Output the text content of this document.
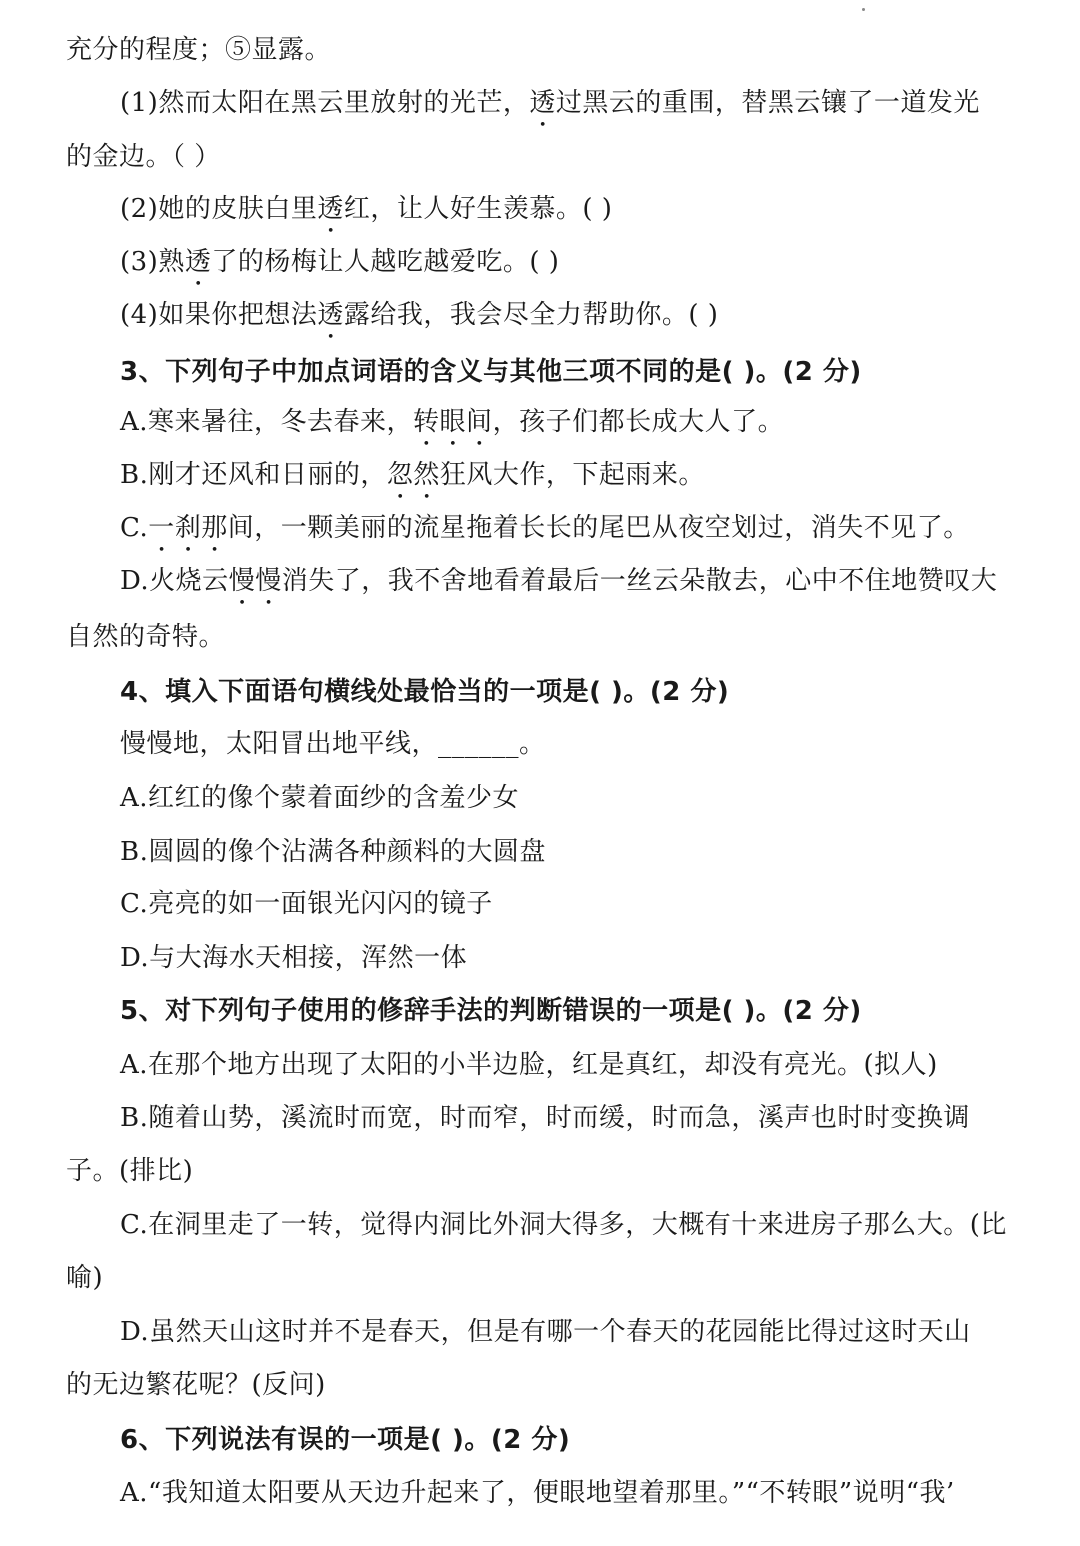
充分的程度；⑤显露。
(1)然而太阳在黑云里放射的光芒，透过黑云的重围，替黑云镶了一道发光
的金边。（ ）
(2)她的皮肤白里透红，让人好生羡慕。( )
(3)熟透了的杨梅让人越吃越爱吃。( )
(4)如果你把想法透露给我，我会尽全力帮助你。( )
3、下列句子中加点词语的含义与其他三项不同的是( )。(2 分)
A.寒来暑往，冬去春来，转眼间，孩子们都长成大人了。
B.刚才还风和日丽的，忽然狂风大作，下起雨来。
C.一刹那间，一颗美丽的流星拖着长长的尾巴从夜空划过，消失不见了。
D.火烧云慢慢消失了，我不舍地看着最后一丝云朵散去，心中不住地赞叹大
自然的奇特。
4、填入下面语句横线处最恰当的一项是( )。(2 分)
慢慢地，太阳冒出地平线，______。
A.红红的像个蒙着面纱的含羞少女
B.圆圆的像个沾满各种颜料的大圆盘
C.亮亮的如一面银光闪闪的镜子
D.与大海水天相接，浑然一体
5、对下列句子使用的修辞手法的判断错误的一项是( )。(2 分)
A.在那个地方出现了太阳的小半边脸，红是真红，却没有亮光。(拟人)
B.随着山势，溪流时而宽，时而窄，时而缓，时而急，溪声也时时变换调
子。(排比)
C.在洞里走了一转，觉得内洞比外洞大得多，大概有十来进房子那么大。(比
喻)
D.虽然天山这时并不是春天，但是有哪一个春天的花园能比得过这时天山
的无边繁花呢？(反问)
6、下列说法有误的一项是( )。(2 分)
A.“我知道太阳要从天边升起来了，便眼地望着那里。”“不转眼”说明“我’
